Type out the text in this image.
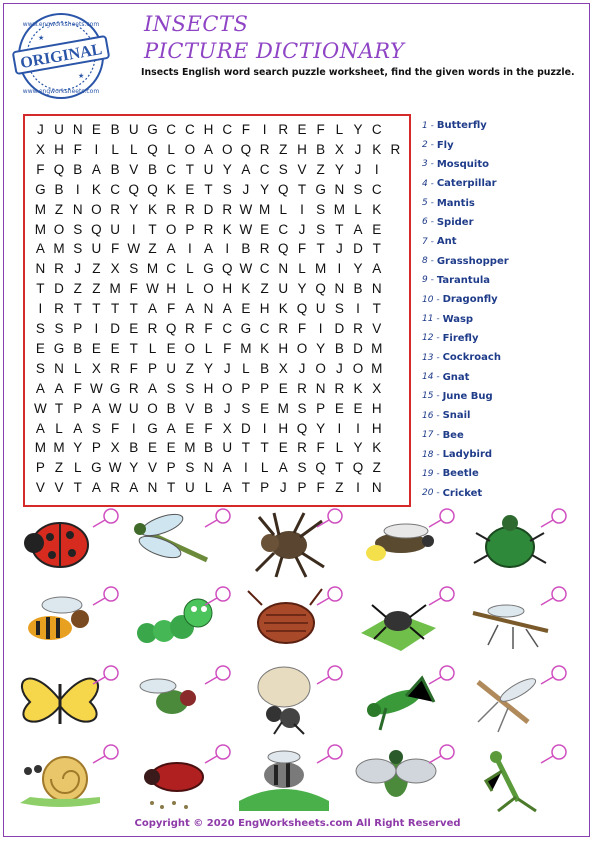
ORIGINAL
www.engworksheets.com
www.engworksheets.com
★
★
INSECTS
PICTURE DICTIONARY
Insects English word search puzzle worksheet, find the given words in the puzzle.
J U N E B U G C C H C F I R E F L Y C
X H F I L L Q L O A O Q R Z H B X J K R
F Q B A B V B C T U Y A C S V Z Y J I
G B I K C Q Q K E T S J Y Q T G N S C
M Z N O R Y K R R D R W M L I S M L K
M O S Q U I T O P R K W E C J S T A E
A M S U F W Z A I A I B R Q F T J D T
N R J Z X S M C L G Q W C N L M I Y A
T D Z Z M F W H L O H K Z U Y Q N B N
I R T T T T A F A N A E H K Q U S I T
S S P I D E R Q R F C G C R F I D R V
E G B E E T L E O L F M K H O Y B D M
S N L X R F P U Z Y J L B X J O J O M
A A F W G R A S S H O P P E R N R K X
W T P A W U O B V B J S E M S P E E H
A L A S F I G A E F X D I H Q Y I	I H
M M Y P X B E E M B U T T E R F L Y K
P Z L G W Y V P S N A I L A S Q T Q Z
V V T A R A N T U L A T P J P F Z I N
1 - Butterfly
2 - Fly
3 - Mosquito
4 - Caterpillar
5 - Mantis
6 - Spider
7 - Ant
8 - Grasshopper
9 - Tarantula
10 - Dragonfly
11 - Wasp
12 - Firefly
13 - Cockroach
14 - Gnat
15 - June Bug
16 - Snail
17 - Bee
18 - Ladybird
19 - Beetle
20 - Cricket
Copyright © 2020 EngWorksheets.com All Right Reserved
